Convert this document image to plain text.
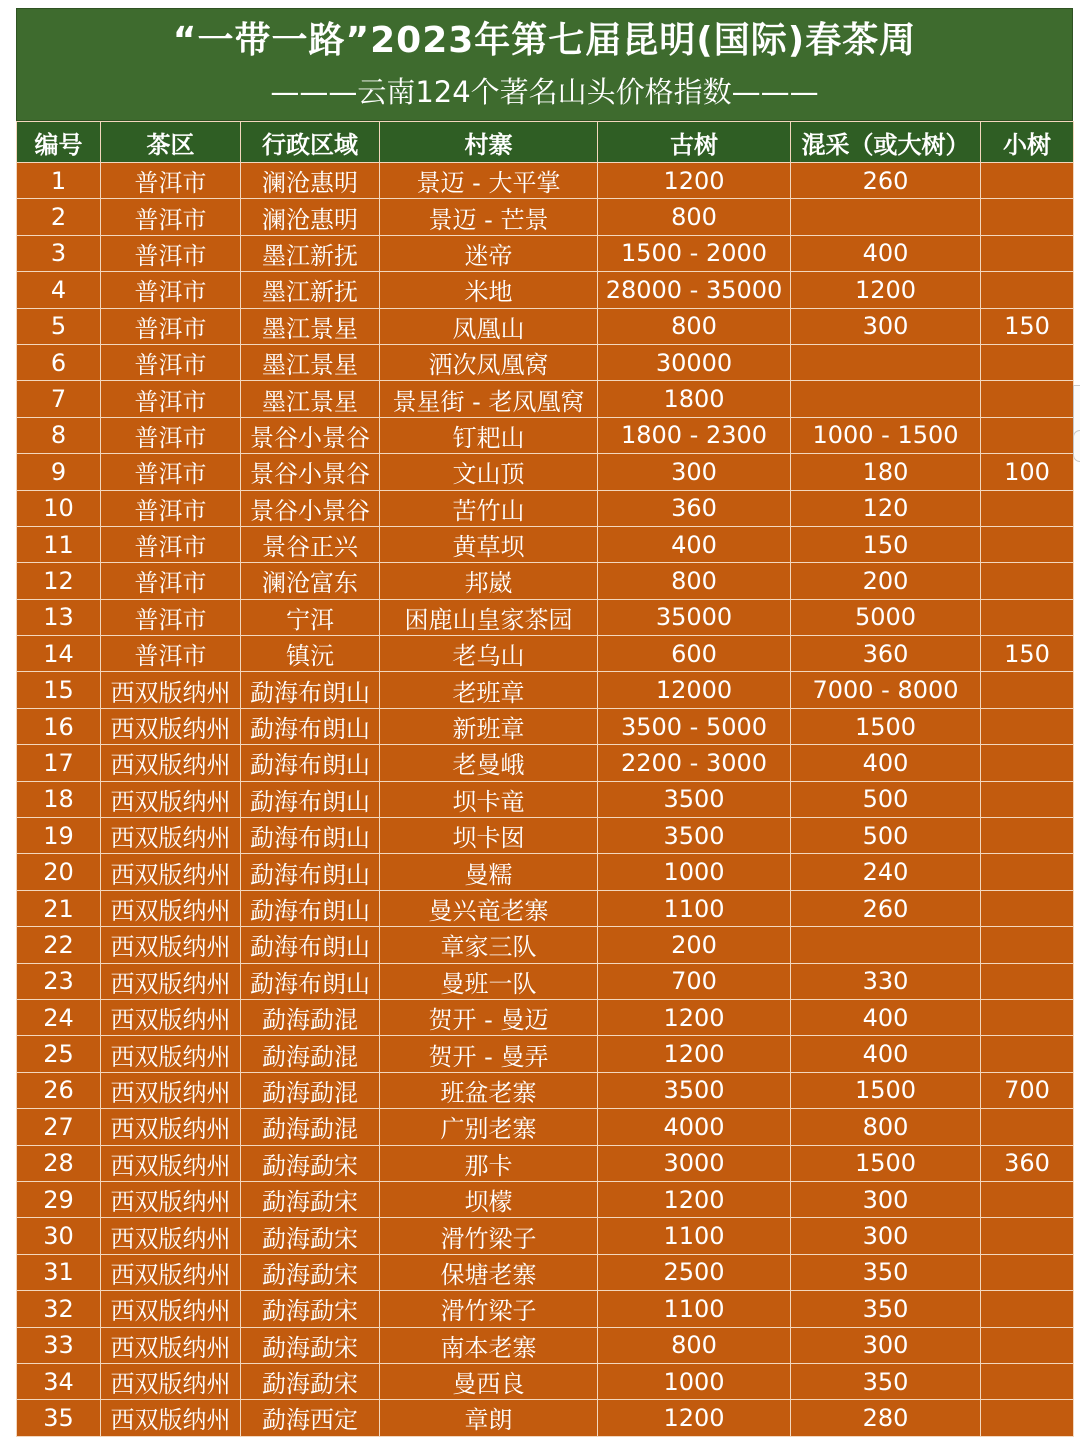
“一带一路”2023年第七届昆明(国际)春茶周
———云南124个著名山头价格指数———
编号	茶区	行政区域	村寨	古树	混采（或大树）	小树
1	普洱市	澜沧惠明	景迈 - 大平掌	1200	260	
2	普洱市	澜沧惠明	景迈 - 芒景	800		
3	普洱市	墨江新抚	迷帝	1500 - 2000	400	
4	普洱市	墨江新抚	米地	28000 - 35000	1200	
5	普洱市	墨江景星	凤凰山	800	300	150
6	普洱市	墨江景星	洒次凤凰窝	30000		
7	普洱市	墨江景星	景星街 - 老凤凰窝	1800		
8	普洱市	景谷小景谷	钉耙山	1800 - 2300	1000 - 1500	
9	普洱市	景谷小景谷	文山顶	300	180	100
10	普洱市	景谷小景谷	苦竹山	360	120	
11	普洱市	景谷正兴	黄草坝	400	150	
12	普洱市	澜沧富东	邦崴	800	200	
13	普洱市	宁洱	困鹿山皇家茶园	35000	5000	
14	普洱市	镇沅	老乌山	600	360	150
15	西双版纳州	勐海布朗山	老班章	12000	7000 - 8000	
16	西双版纳州	勐海布朗山	新班章	3500 - 5000	1500	
17	西双版纳州	勐海布朗山	老曼峨	2200 - 3000	400	
18	西双版纳州	勐海布朗山	坝卡竜	3500	500	
19	西双版纳州	勐海布朗山	坝卡囡	3500	500	
20	西双版纳州	勐海布朗山	曼糯	1000	240	
21	西双版纳州	勐海布朗山	曼兴竜老寨	1100	260	
22	西双版纳州	勐海布朗山	章家三队	200		
23	西双版纳州	勐海布朗山	曼班一队	700	330	
24	西双版纳州	勐海勐混	贺开 - 曼迈	1200	400	
25	西双版纳州	勐海勐混	贺开 - 曼弄	1200	400	
26	西双版纳州	勐海勐混	班盆老寨	3500	1500	700
27	西双版纳州	勐海勐混	广别老寨	4000	800	
28	西双版纳州	勐海勐宋	那卡	3000	1500	360
29	西双版纳州	勐海勐宋	坝檬	1200	300	
30	西双版纳州	勐海勐宋	滑竹梁子	1100	300	
31	西双版纳州	勐海勐宋	保塘老寨	2500	350	
32	西双版纳州	勐海勐宋	滑竹梁子	1100	350	
33	西双版纳州	勐海勐宋	南本老寨	800	300	
34	西双版纳州	勐海勐宋	曼西良	1000	350	
35	西双版纳州	勐海西定	章朗	1200	280	
